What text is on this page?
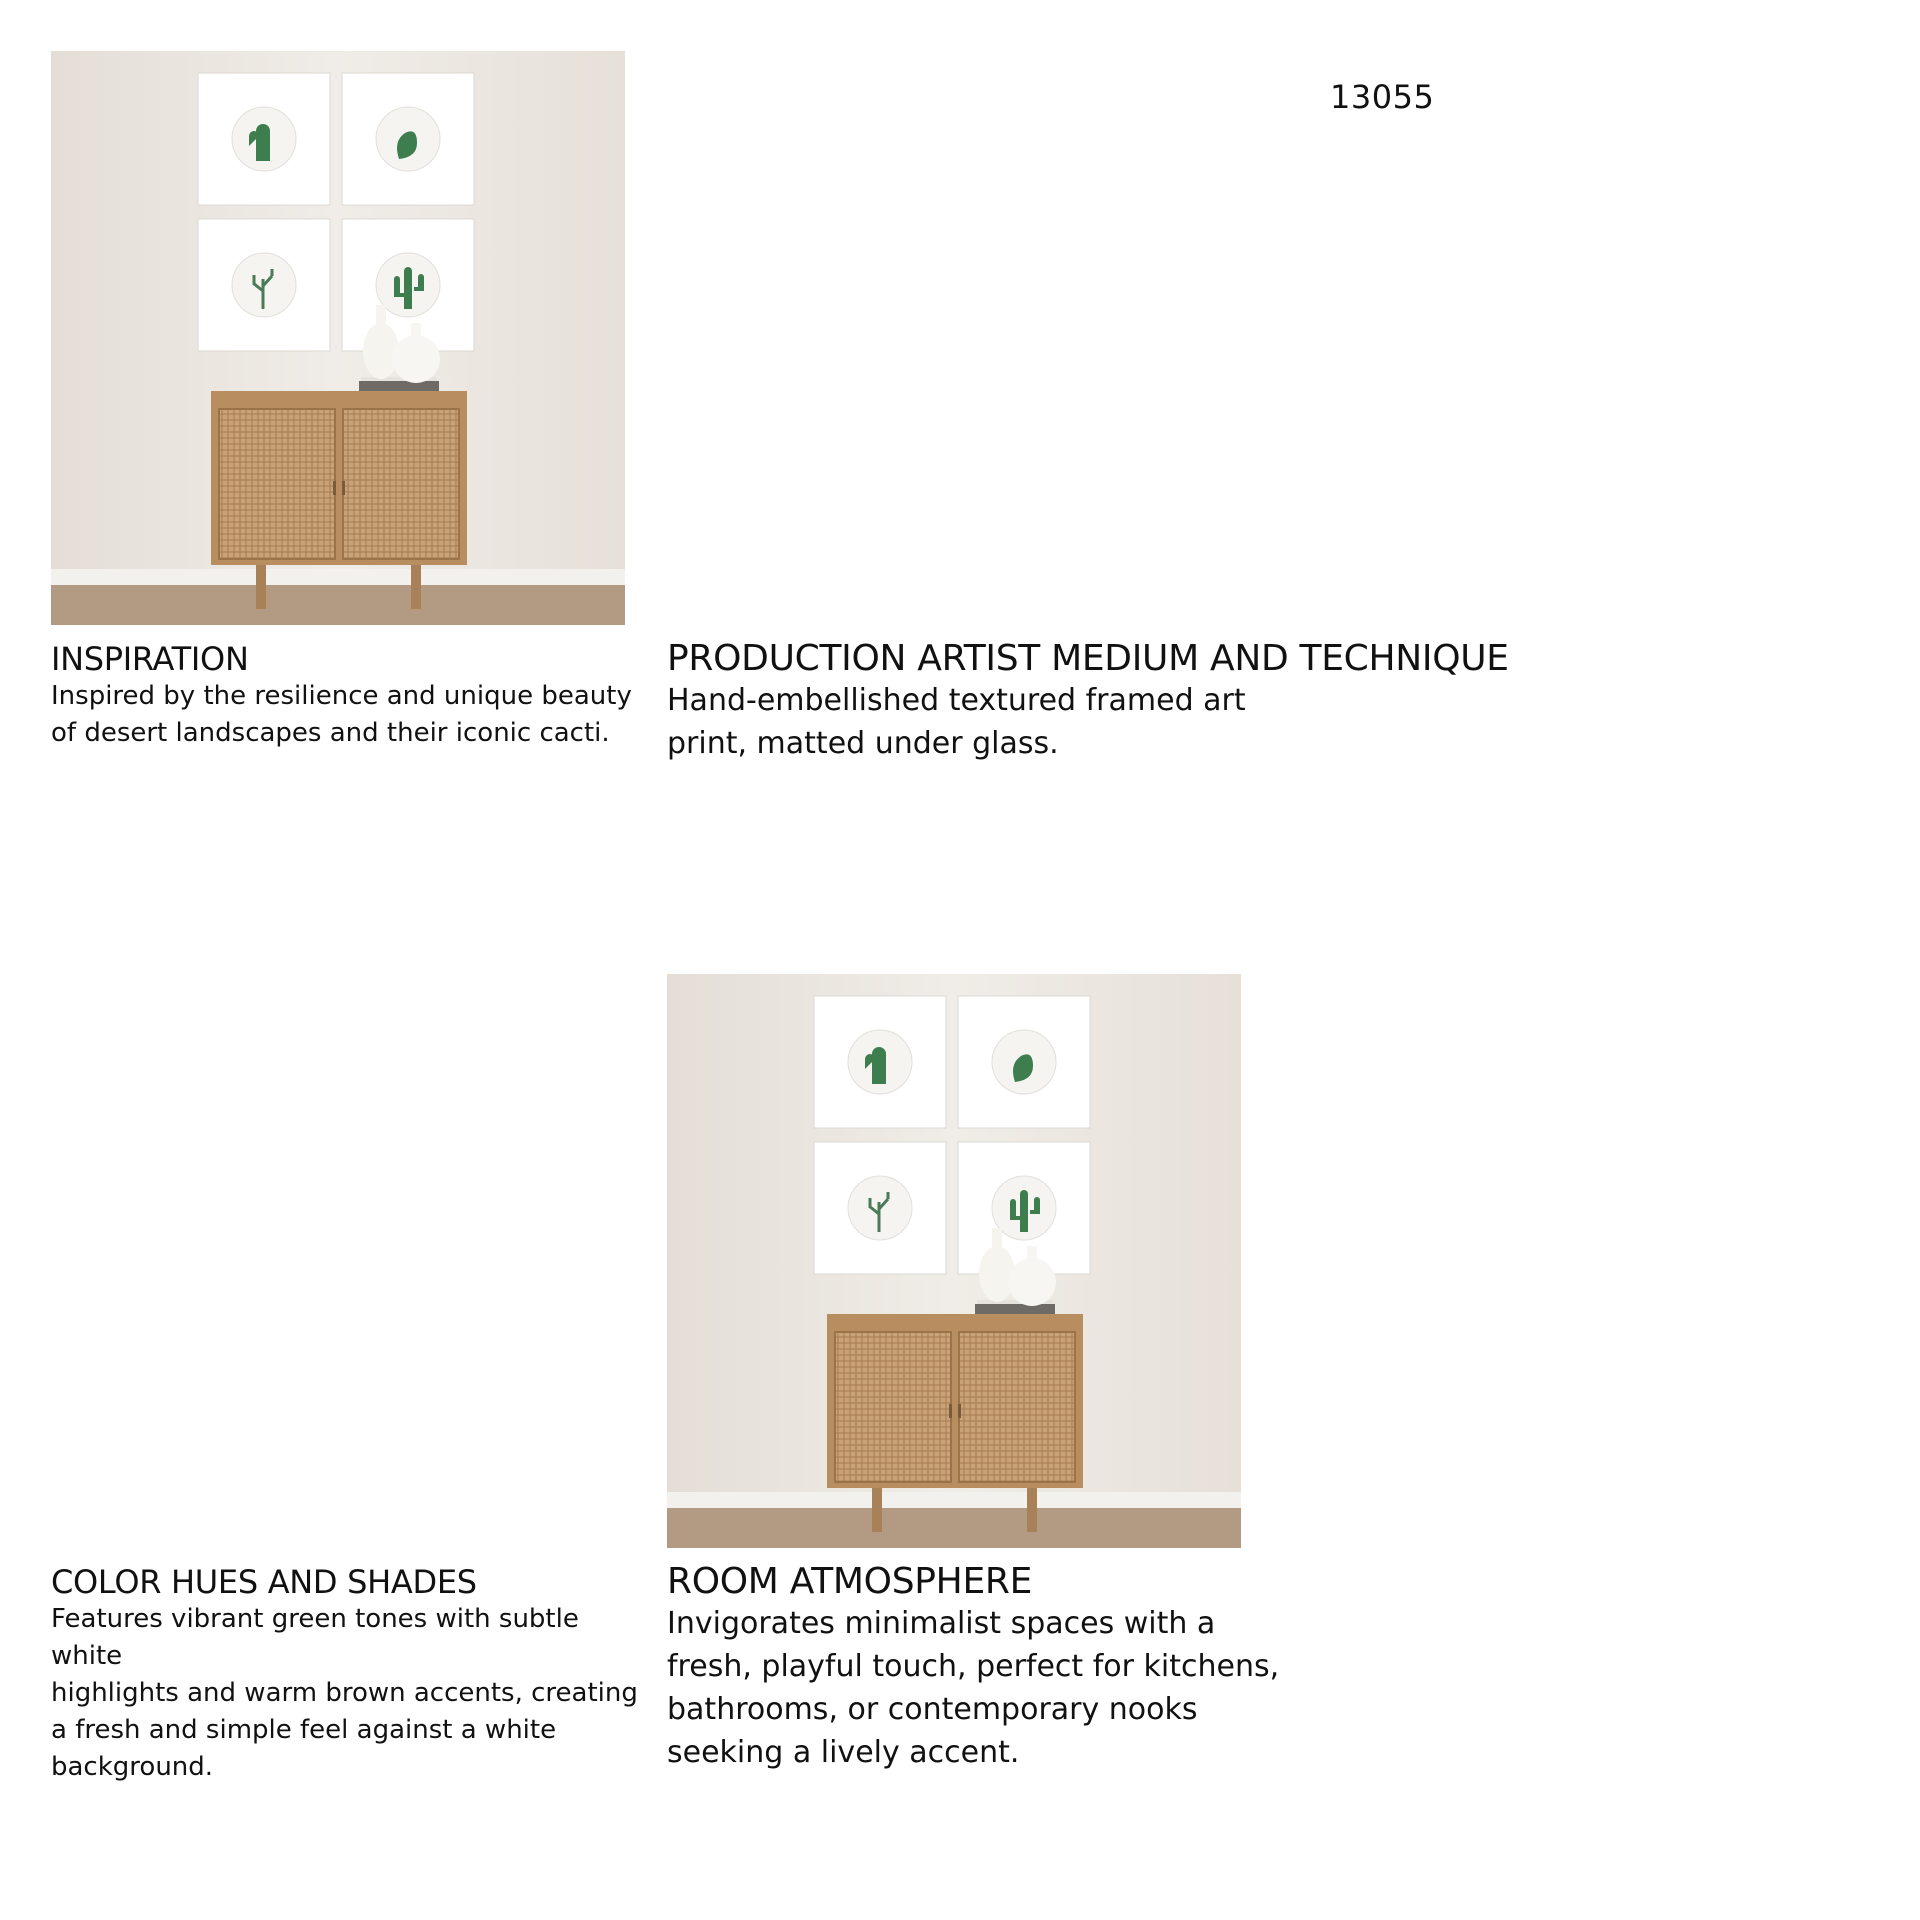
13055
INSPIRATION

Inspired by the resilience and unique beauty
of desert landscapes and their iconic cacti.

PRODUCTION ARTIST MEDIUM AND TECHNIQUE

Hand-embellished textured framed art
print, matted under glass.

COLOR HUES AND SHADES

Features vibrant green tones with subtle white
highlights and warm brown accents, creating
a fresh and simple feel against a white
background.

ROOM ATMOSPHERE

Invigorates minimalist spaces with a
fresh, playful touch, perfect for kitchens,
bathrooms, or contemporary nooks
seeking a lively accent.
